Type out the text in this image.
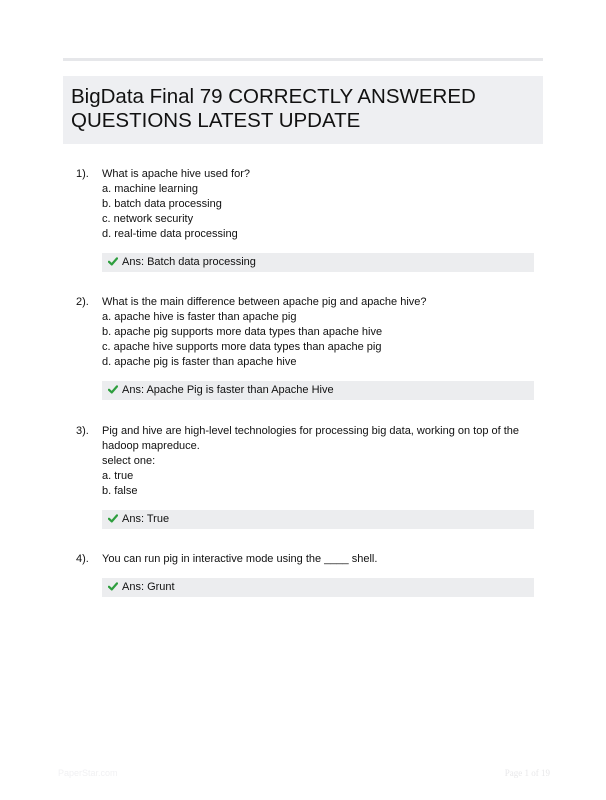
BigData Final 79 CORRECTLY ANSWERED
QUESTIONS LATEST UPDATE
1). What is apache hive used for?
a. machine learning
b. batch data processing
c. network security
d. real-time data processing
Ans: Batch data processing
2). What is the main difference between apache pig and apache hive?
a. apache hive is faster than apache pig
b. apache pig supports more data types than apache hive
c. apache hive supports more data types than apache pig
d. apache pig is faster than apache hive
Ans: Apache Pig is faster than Apache Hive
3). Pig and hive are high-level technologies for processing big data, working on top of the
hadoop mapreduce.
select one:
a. true
b. false
Ans: True
4). You can run pig in interactive mode using the ____ shell.
Ans: Grunt
PaperStar.com	Page 1 of 19
